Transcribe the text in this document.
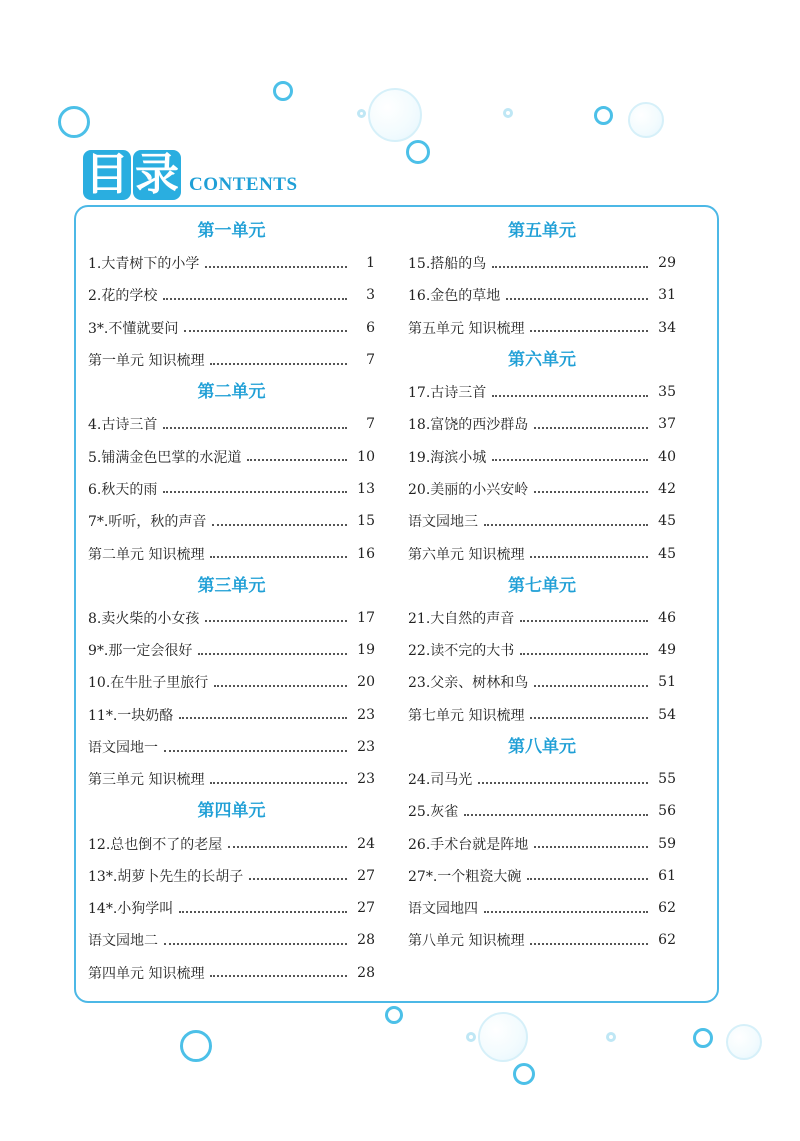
目 录 CONTENTS
第一单元
1.大青树下的小学	1
2.花的学校	3
3*.不懂就要问	6
第一单元 知识梳理	7
第二单元
4.古诗三首	7
5.铺满金色巴掌的水泥道	10
6.秋天的雨	13
7*.听听，秋的声音	15
第二单元 知识梳理	16
第三单元
8.卖火柴的小女孩	17
9*.那一定会很好	19
10.在牛肚子里旅行	20
11*.一块奶酪	23
语文园地一	23
第三单元 知识梳理	23
第四单元
12.总也倒不了的老屋	24
13*.胡萝卜先生的长胡子	27
14*.小狗学叫	27
语文园地二	28
第四单元 知识梳理	28
第五单元
15.搭船的鸟	29
16.金色的草地	31
第五单元 知识梳理	34
第六单元
17.古诗三首	35
18.富饶的西沙群岛	37
19.海滨小城	40
20.美丽的小兴安岭	42
语文园地三	45
第六单元 知识梳理	45
第七单元
21.大自然的声音	46
22.读不完的大书	49
23.父亲、树林和鸟	51
第七单元 知识梳理	54
第八单元
24.司马光	55
25.灰雀	56
26.手术台就是阵地	59
27*.一个粗瓷大碗	61
语文园地四	62
第八单元 知识梳理	62
